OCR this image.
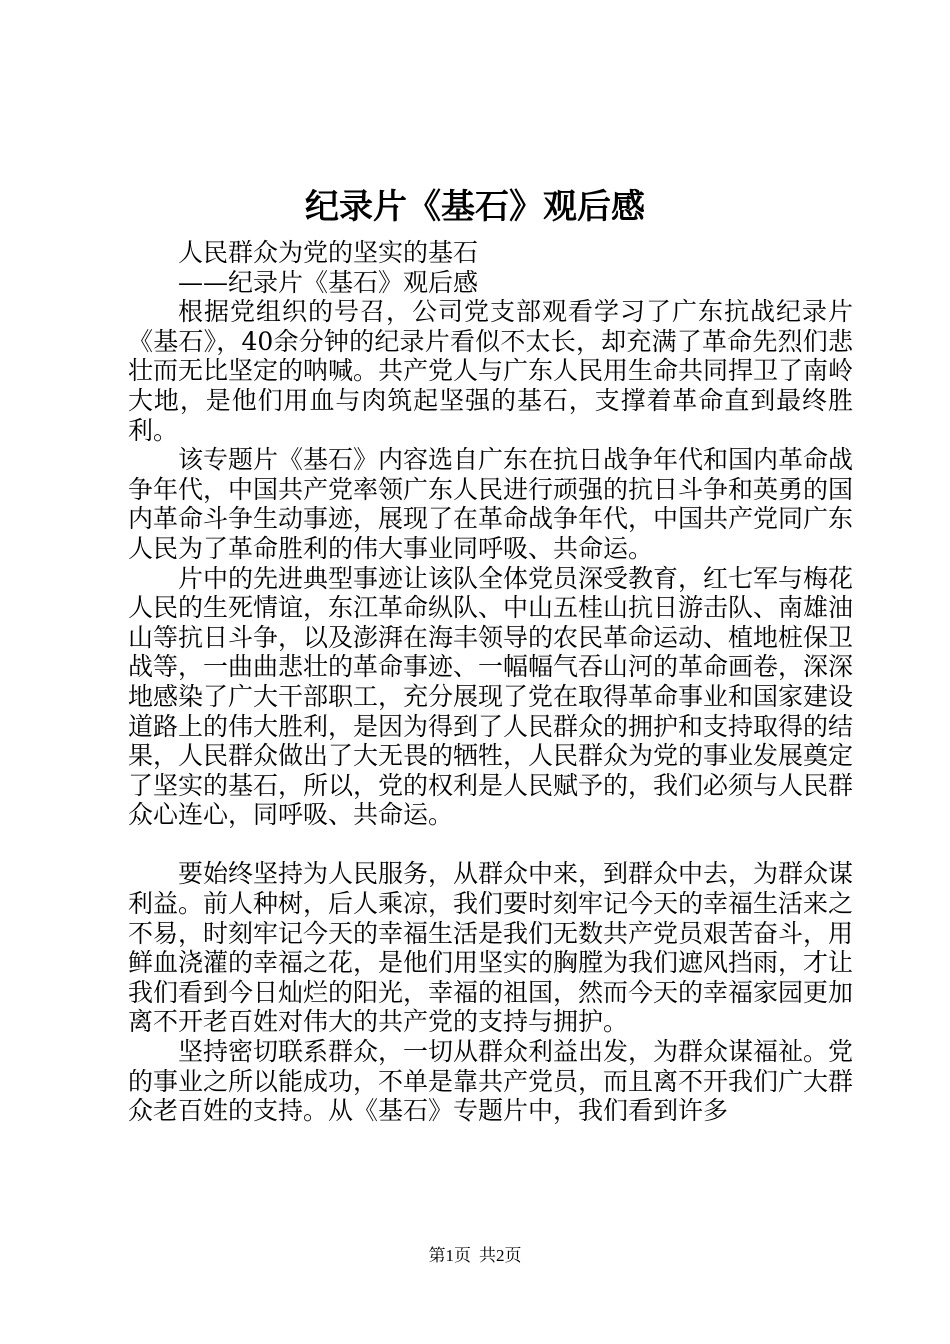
纪录片《基石》观后感

人民群众为党的坚实的基石

——纪录片《基石》观后感

根据党组织的号召，公司党支部观看学习了广东抗战纪录片《基石》，40余分钟的纪录片看似不太长，却充满了革命先烈们悲壮而无比坚定的呐喊。共产党人与广东人民用生命共同捍卫了南岭大地，是他们用血与肉筑起坚强的基石，支撑着革命直到最终胜利。

该专题片《基石》内容选自广东在抗日战争年代和国内革命战争年代，中国共产党率领广东人民进行顽强的抗日斗争和英勇的国内革命斗争生动事迹，展现了在革命战争年代，中国共产党同广东人民为了革命胜利的伟大事业同呼吸、共命运。

片中的先进典型事迹让该队全体党员深受教育，红七军与梅花人民的生死情谊，东江革命纵队、中山五桂山抗日游击队、南雄油山等抗日斗争，以及澎湃在海丰领导的农民革命运动、植地桩保卫战等，一曲曲悲壮的革命事迹、一幅幅气吞山河的革命画卷，深深地感染了广大干部职工，充分展现了党在取得革命事业和国家建设道路上的伟大胜利，是因为得到了人民群众的拥护和支持取得的结果，人民群众做出了大无畏的牺牲，人民群众为党的事业发展奠定了坚实的基石，所以，党的权利是人民赋予的，我们必须与人民群众心连心，同呼吸、共命运。

要始终坚持为人民服务，从群众中来，到群众中去，为群众谋利益。前人种树，后人乘凉，我们要时刻牢记今天的幸福生活来之不易，时刻牢记今天的幸福生活是我们无数共产党员艰苦奋斗，用鲜血浇灌的幸福之花，是他们用坚实的胸膛为我们遮风挡雨，才让我们看到今日灿烂的阳光，幸福的祖国，然而今天的幸福家园更加离不开老百姓对伟大的共产党的支持与拥护。

坚持密切联系群众，一切从群众利益出发，为群众谋福祉。党的事业之所以能成功，不单是靠共产党员，而且离不开我们广大群众老百姓的支持。从《基石》专题片中，我们看到许多

第1页 共2页
